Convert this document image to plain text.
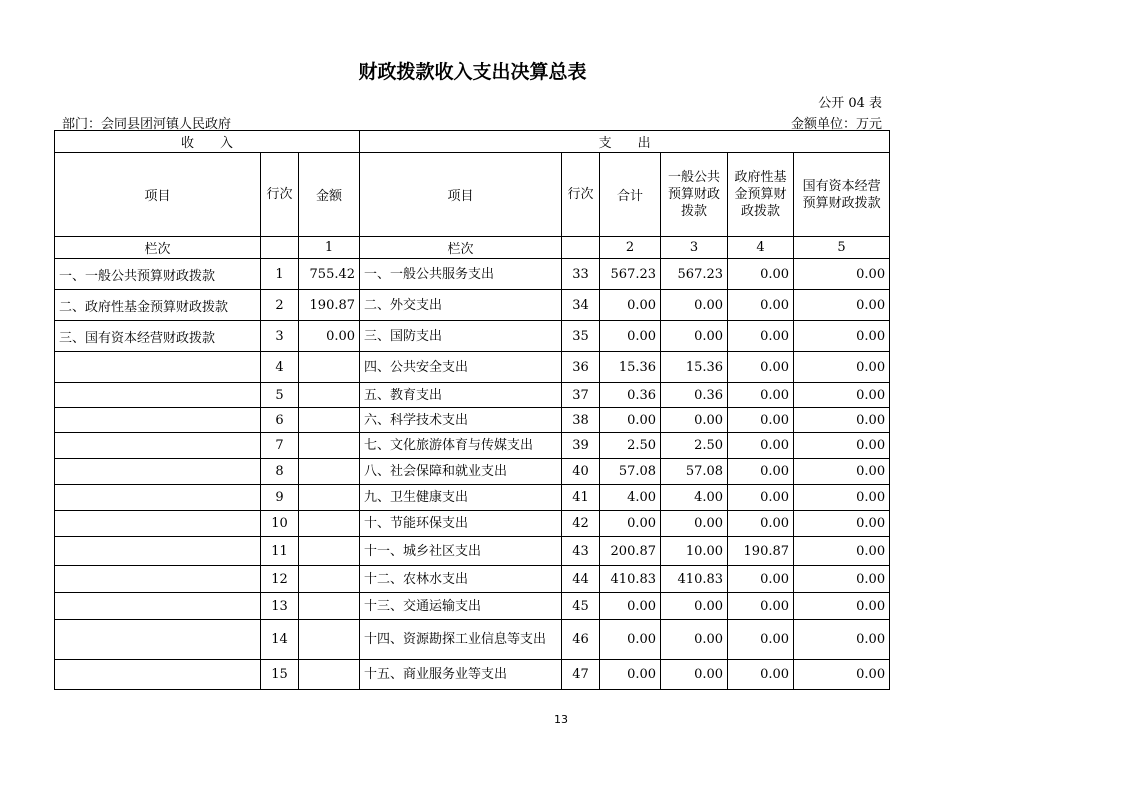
财政拨款收入支出决算总表
公开 04 表
部门：会同县团河镇人民政府	金额单位：万元
收　　入			支　　出					
项目	行次	金额	项目	行次	合计	一般公共预算财政拨款	政府性基金预算财政拨款	国有资本经营预算财政拨款
栏次		1	栏次		2	3	4	5
一、一般公共预算财政拨款	1	755.42	一、一般公共服务支出	33	567.23	567.23	0.00	0.00
二、政府性基金预算财政拨款	2	190.87	二、外交支出	34	0.00	0.00	0.00	0.00
三、国有资本经营财政拨款	3	0.00	三、国防支出	35	0.00	0.00	0.00	0.00
	4		四、公共安全支出	36	15.36	15.36	0.00	0.00
	5		五、教育支出	37	0.36	0.36	0.00	0.00
	6		六、科学技术支出	38	0.00	0.00	0.00	0.00
	7		七、文化旅游体育与传媒支出	39	2.50	2.50	0.00	0.00
	8		八、社会保障和就业支出	40	57.08	57.08	0.00	0.00
	9		九、卫生健康支出	41	4.00	4.00	0.00	0.00
	10		十、节能环保支出	42	0.00	0.00	0.00	0.00
	11		十一、城乡社区支出	43	200.87	10.00	190.87	0.00
	12		十二、农林水支出	44	410.83	410.83	0.00	0.00
	13		十三、交通运输支出	45	0.00	0.00	0.00	0.00
	14		十四、资源勘探工业信息等支出	46	0.00	0.00	0.00	0.00
	15		十五、商业服务业等支出	47	0.00	0.00	0.00	0.00
13
